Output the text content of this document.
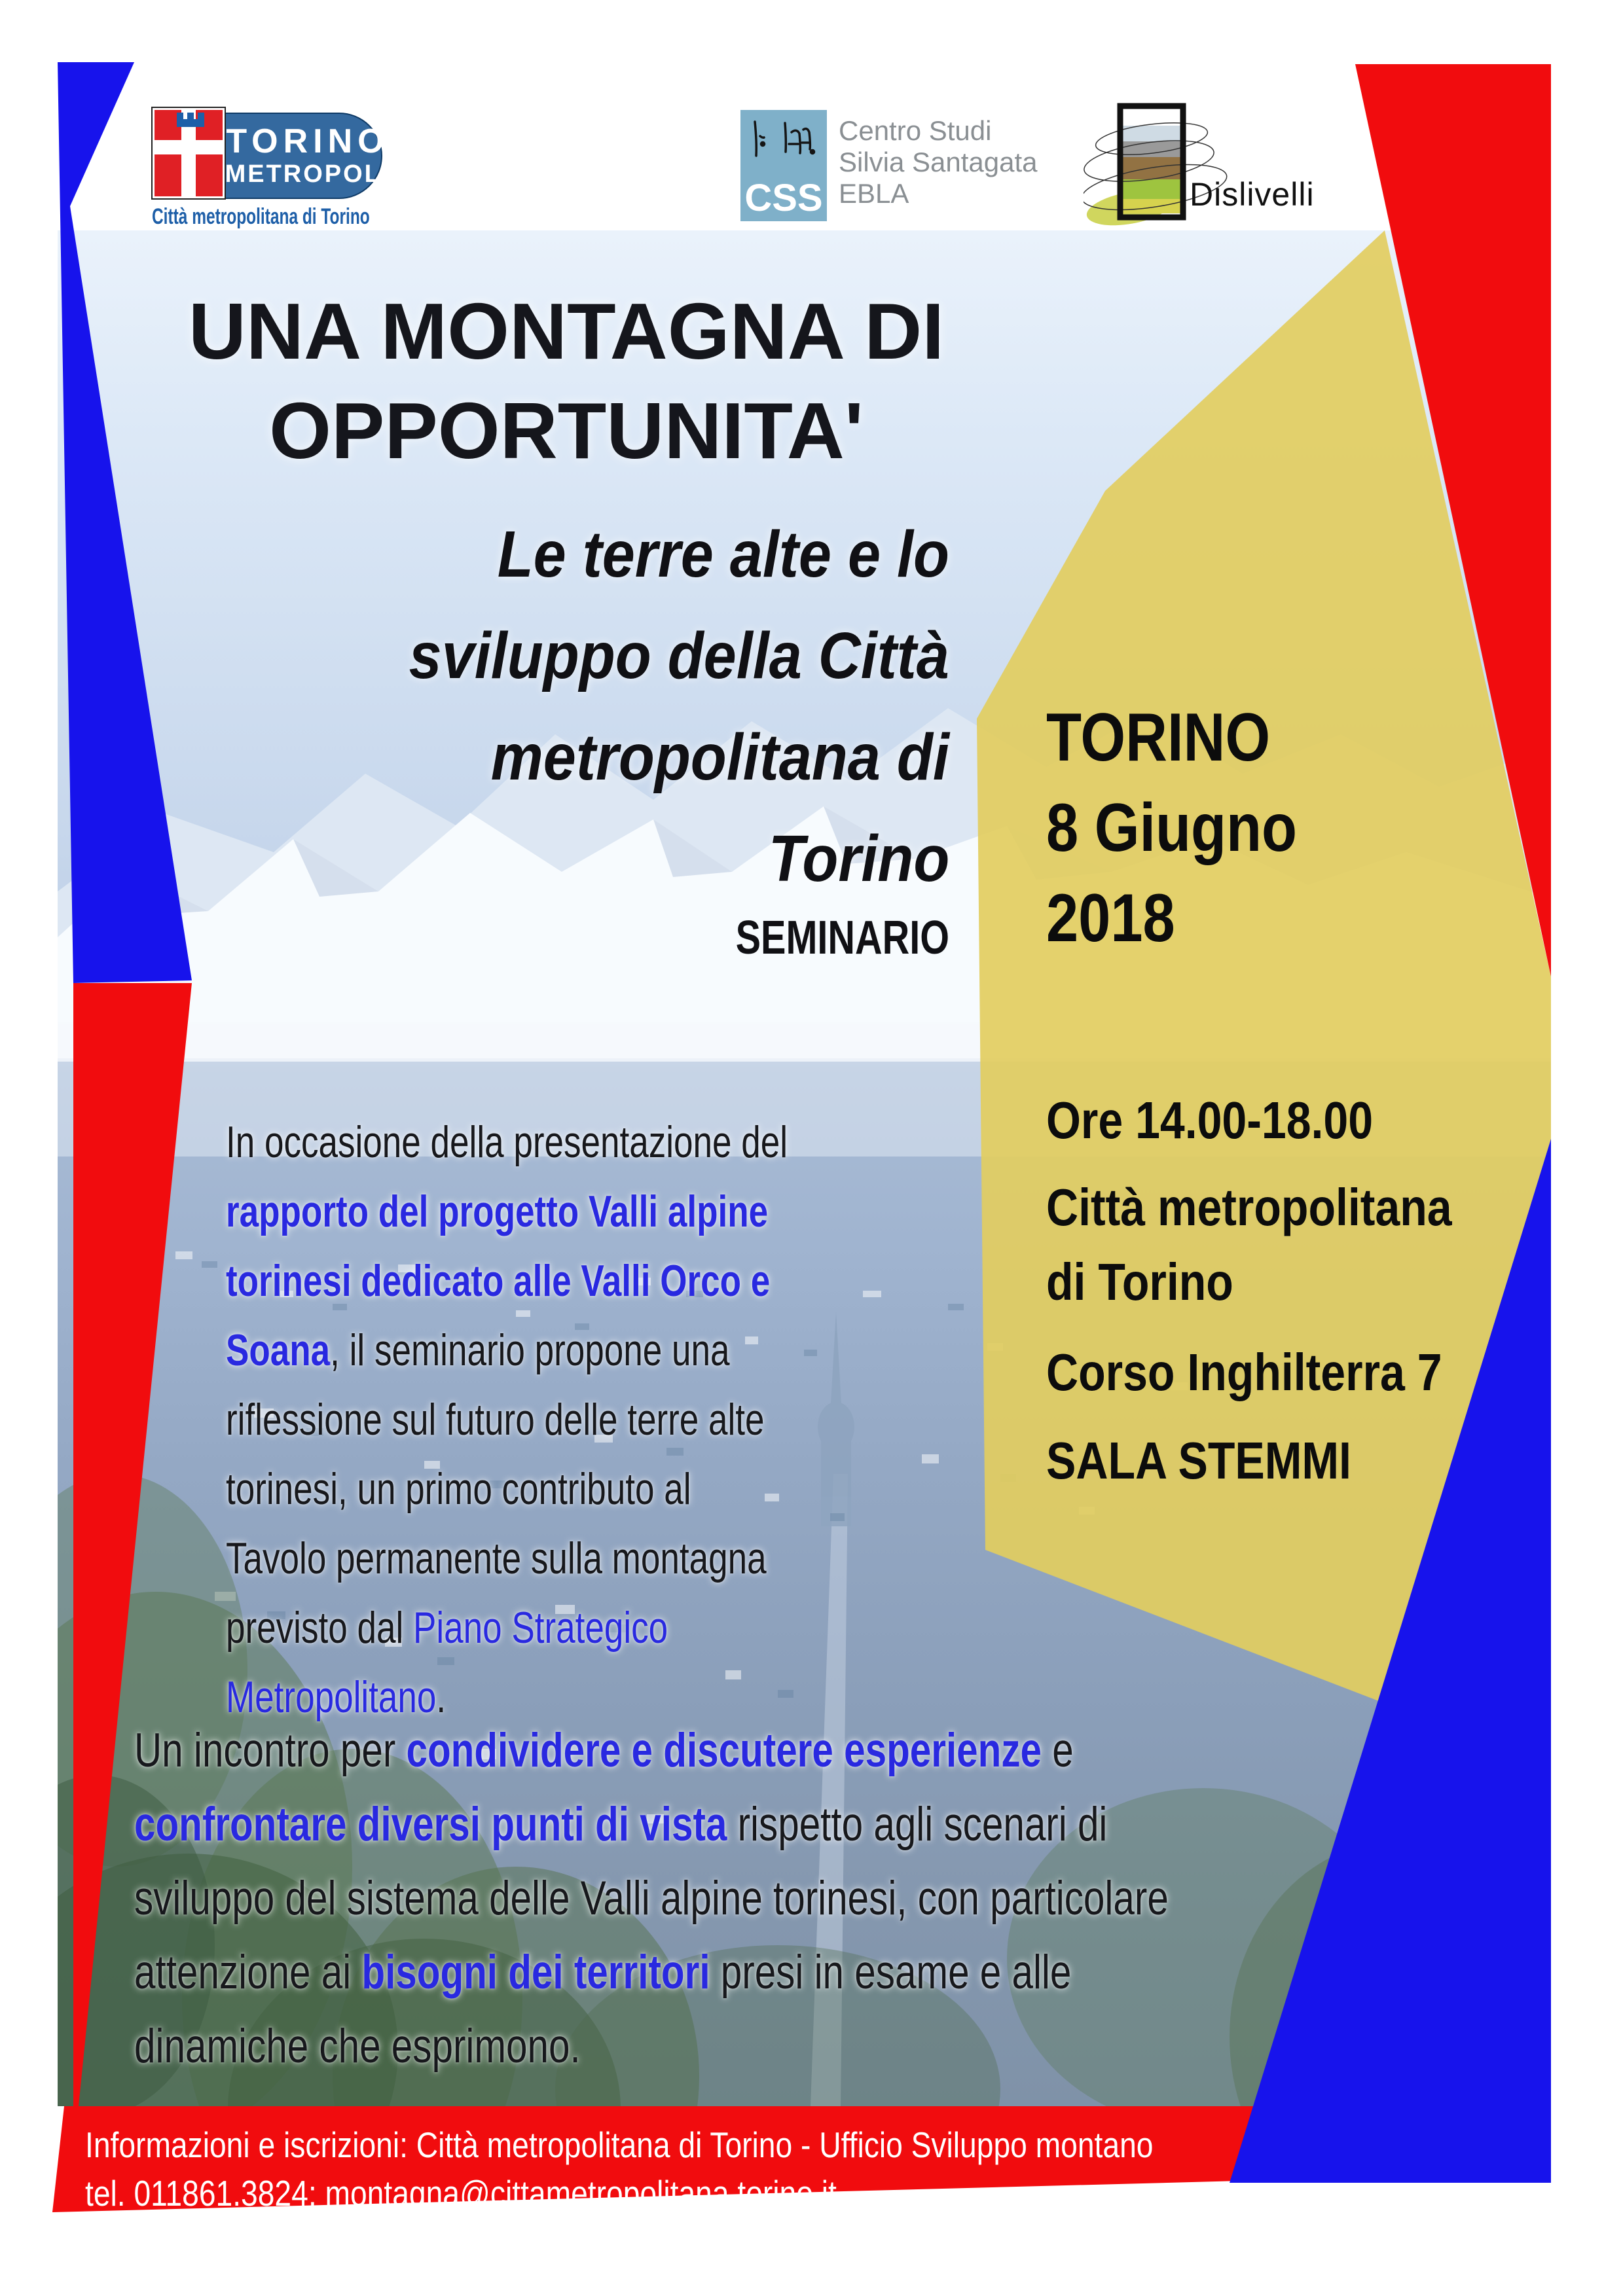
TORINO
METROPOLI
Città metropolitana di Torino	CSS
Centro Studi
Silvia Santagata
EBLA	Dislivelli
UNA MONTAGNA DI
OPPORTUNITA'
Le terre alte e lo
sviluppo della Città
metropolitana di
Torino
SEMINARIO
TORINO
8 Giugno
2018
Ore 14.00-18.00
Città metropolitana
di Torino
Corso Inghilterra 7
SALA STEMMI
In occasione della presentazione del
rapporto del progetto Valli alpine
torinesi dedicato alle Valli Orco e
Soana, il seminario propone una
riflessione sul futuro delle terre alte
torinesi, un primo contributo al
Tavolo permanente sulla montagna
previsto dal Piano Strategico
Metropolitano.
Un incontro per condividere e discutere esperienze e
confrontare diversi punti di vista rispetto agli scenari di
sviluppo del sistema delle Valli alpine torinesi, con particolare
attenzione ai bisogni dei territori presi in esame e alle
dinamiche che esprimono.
Informazioni e iscrizioni: Città metropolitana di Torino - Ufficio Sviluppo montano
tel. 011861.3824; montagna@cittametropolitana.torino.it
